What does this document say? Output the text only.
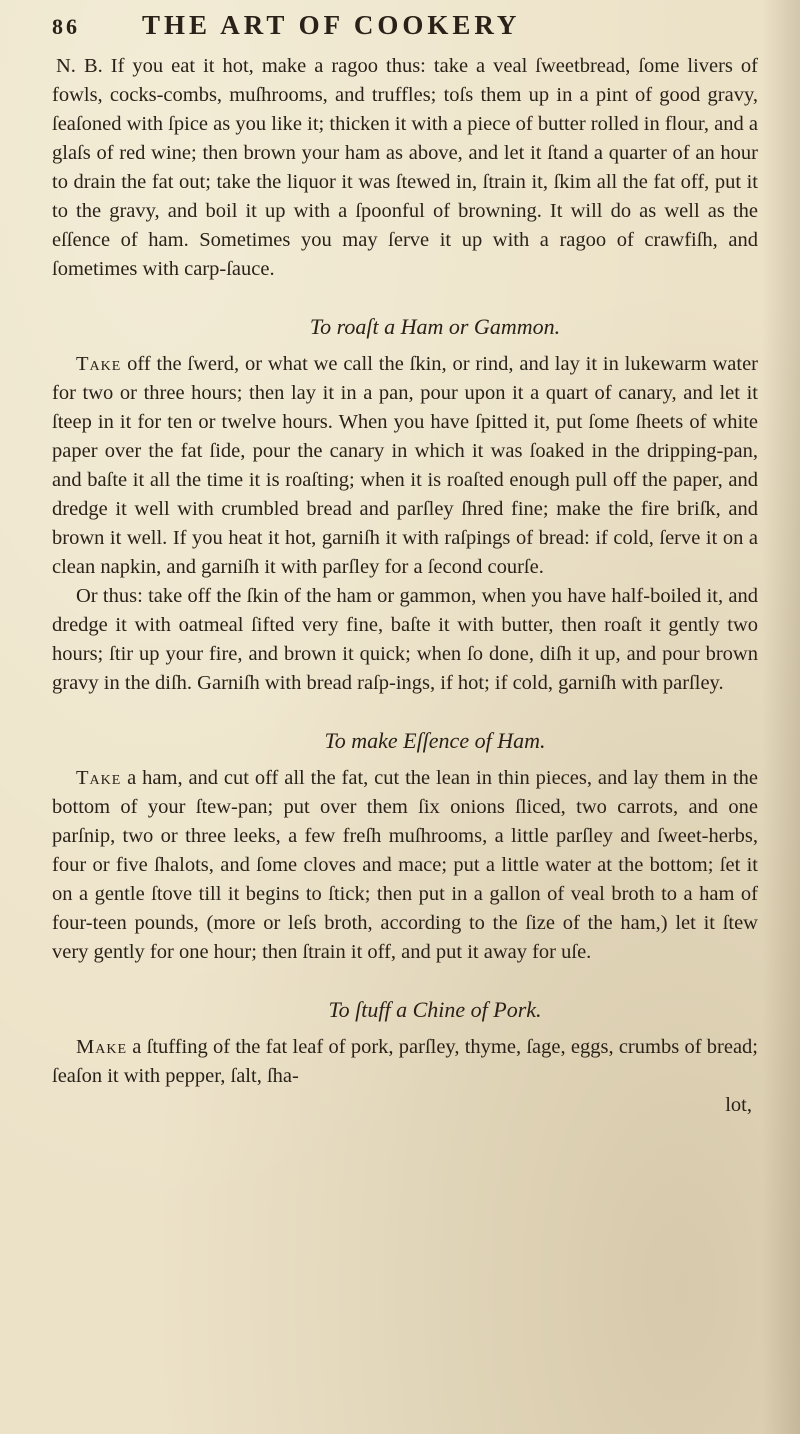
86	THE ART OF COOKERY

N. B. If you eat it hot, make a ragoo thus: take a veal ſweetbread, ſome livers of fowls, cocks-combs, muſhrooms, and truffles; toſs them up in a pint of good gravy, ſeaſoned with ſpice as you like it; thicken it with a piece of butter rolled in flour, and a glaſs of red wine; then brown your ham as above, and let it ſtand a quarter of an hour to drain the fat out; take the liquor it was ſtewed in, ſtrain it, ſkim all the fat off, put it to the gravy, and boil it up with a ſpoonful of browning. It will do as well as the eſſence of ham. Sometimes you may ſerve it up with a ragoo of crawfiſh, and ſometimes with carp-ſauce.

To roaſt a Ham or Gammon.

Take off the ſwerd, or what we call the ſkin, or rind, and lay it in lukewarm water for two or three hours; then lay it in a pan, pour upon it a quart of canary, and let it ſteep in it for ten or twelve hours. When you have ſpitted it, put ſome ſheets of white paper over the fat ſide, pour the canary in which it was ſoaked in the dripping-pan, and baſte it all the time it is roaſting; when it is roaſted enough pull off the paper, and dredge it well with crumbled bread and parſley ſhred fine; make the fire briſk, and brown it well. If you heat it hot, garniſh it with raſpings of bread: if cold, ſerve it on a clean napkin, and garniſh it with parſley for a ſecond courſe.

Or thus: take off the ſkin of the ham or gammon, when you have half-boiled it, and dredge it with oatmeal ſifted very fine, baſte it with butter, then roaſt it gently two hours; ſtir up your fire, and brown it quick; when ſo done, diſh it up, and pour brown gravy in the diſh. Garniſh with bread raſp-ings, if hot; if cold, garniſh with parſley.

To make Eſſence of Ham.

Take a ham, and cut off all the fat, cut the lean in thin pieces, and lay them in the bottom of your ſtew-pan; put over them ſix onions ſliced, two carrots, and one parſnip, two or three leeks, a few freſh muſhrooms, a little parſley and ſweet-herbs, four or five ſhalots, and ſome cloves and mace; put a little water at the bottom; ſet it on a gentle ſtove till it begins to ſtick; then put in a gallon of veal broth to a ham of four-teen pounds, (more or leſs broth, according to the ſize of the ham,) let it ſtew very gently for one hour; then ſtrain it off, and put it away for uſe.

To ſtuff a Chine of Pork.

Make a ſtuffing of the fat leaf of pork, parſley, thyme, ſage, eggs, crumbs of bread; ſeaſon it with pepper, ſalt, ſha-

lot,
